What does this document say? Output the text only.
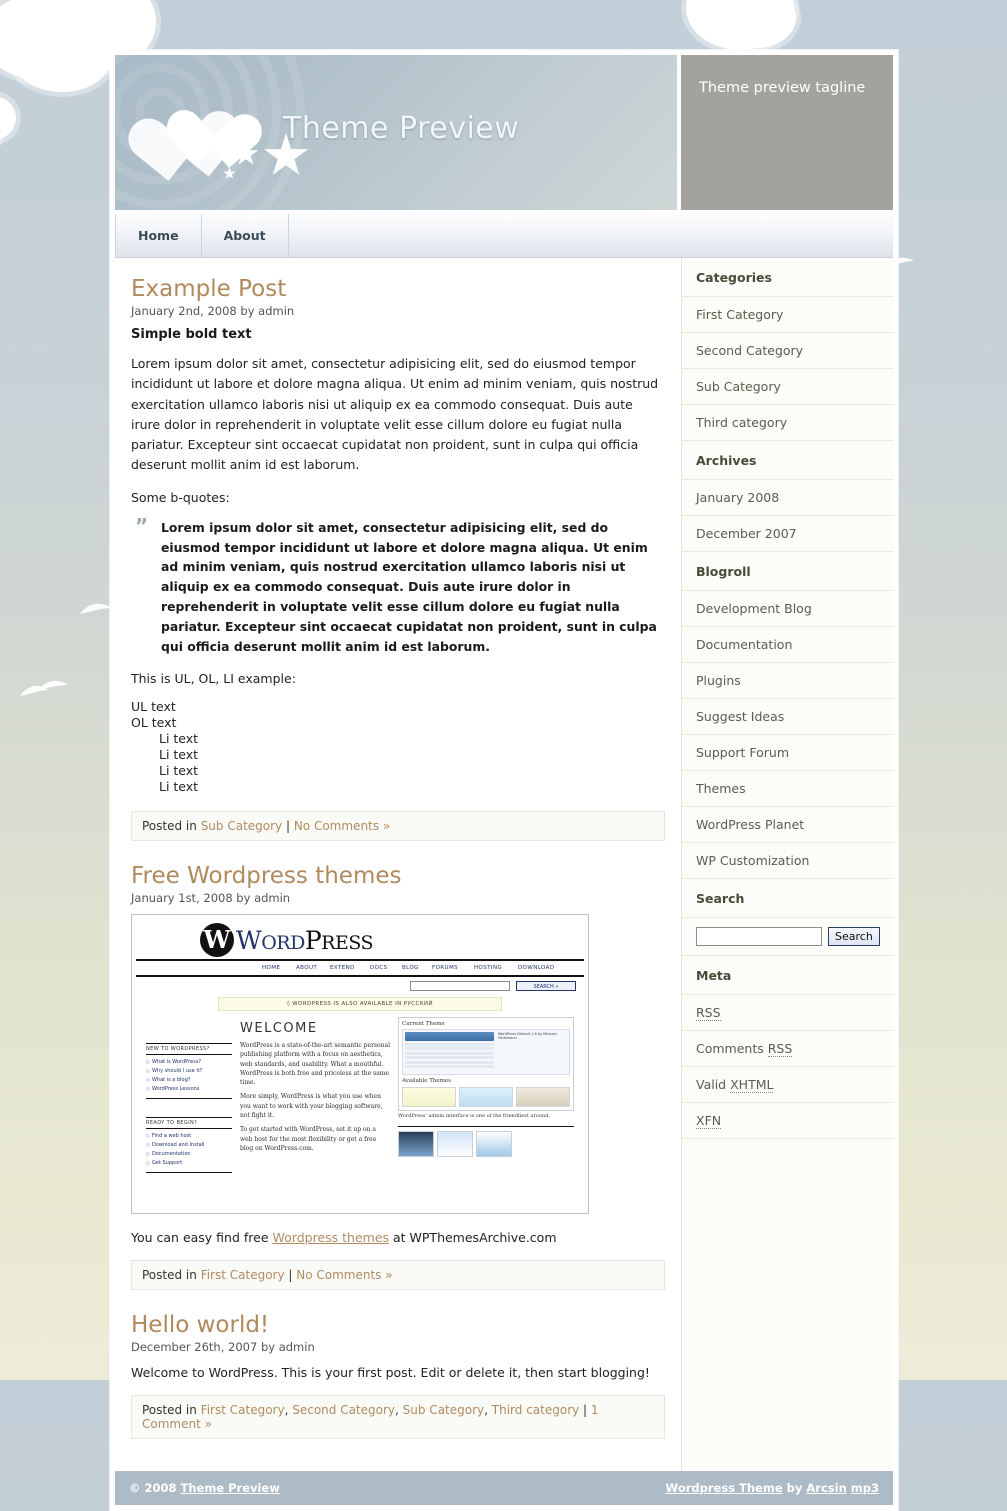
Theme Preview
Theme preview tagline
Home	About
Example Post
January 2nd, 2008 by admin
Simple bold text

Lorem ipsum dolor sit amet, consectetur adipisicing elit, sed do eiusmod tempor incididunt ut labore et dolore magna aliqua. Ut enim ad minim veniam, quis nostrud exercitation ullamco laboris nisi ut aliquip ex ea commodo consequat. Duis aute irure dolor in reprehenderit in voluptate velit esse cillum dolore eu fugiat nulla pariatur. Excepteur sint occaecat cupidatat non proident, sunt in culpa qui officia deserunt mollit anim id est laborum.

Some b-quotes:

” Lorem ipsum dolor sit amet, consectetur adipisicing elit, sed do eiusmod tempor incididunt ut labore et dolore magna aliqua. Ut enim ad minim veniam, quis nostrud exercitation ullamco laboris nisi ut aliquip ex ea commodo consequat. Duis aute irure dolor in reprehenderit in voluptate velit esse cillum dolore eu fugiat nulla pariatur. Excepteur sint occaecat cupidatat non proident, sunt in culpa qui officia deserunt mollit anim id est laborum.

This is UL, OL, LI example:

UL text
OL text
Li text
Li text
Li text
Li text
Posted in Sub Category | No Comments »
Free Wordpress themes
January 1st, 2008 by admin
W WORDPRESS
HOME	ABOUT EXTEND	DOCS	BLOG FORUMS	HOSTING	DOWNLOAD
SEARCH »
◊ WORDPRESS IS ALSO AVAILABLE IN РУССКИЙ
NEW TO WORDPRESS?
○ What is WordPress?
○ Why should I use it?
○ What is a blog?
○ WordPress Lessons
READY TO BEGIN?
○ Find a web host
○ Download and Install
○ Documentation
○ Get Support
WELCOME

WordPress is a state-of-the-art semantic personal publishing platform with a focus on aesthetics, web standards, and usability. What a mouthful. WordPress is both free and priceless at the same time.

More simply, WordPress is what you use when you want to work with your blogging software, not fight it.

To get started with WordPress, set it up on a web host for the most flexibility or get a free blog on WordPress.com.

Current Theme
WordPress Default 1.6 by Michael Heilemann
Available Themes
WordPress’ admin interface is one of the friendliest around.

You can easy find free Wordpress themes at WPThemesArchive.com

Posted in First Category | No Comments »
Hello world!
December 26th, 2007 by admin

Welcome to WordPress. This is your first post. Edit or delete it, then start blogging!

Posted in First Category, Second Category, Sub Category, Third category | 1 Comment »
Categories
First Category
Second Category
Sub Category
Third category
Archives
January 2008
December 2007
Blogroll
Development Blog
Documentation
Plugins
Suggest Ideas
Support Forum
Themes
WordPress Planet
WP Customization
Search
Search
Meta
RSS
Comments RSS
Valid XHTML
XFN
© 2008 Theme Preview	Wordpress Theme by Arcsin mp3
